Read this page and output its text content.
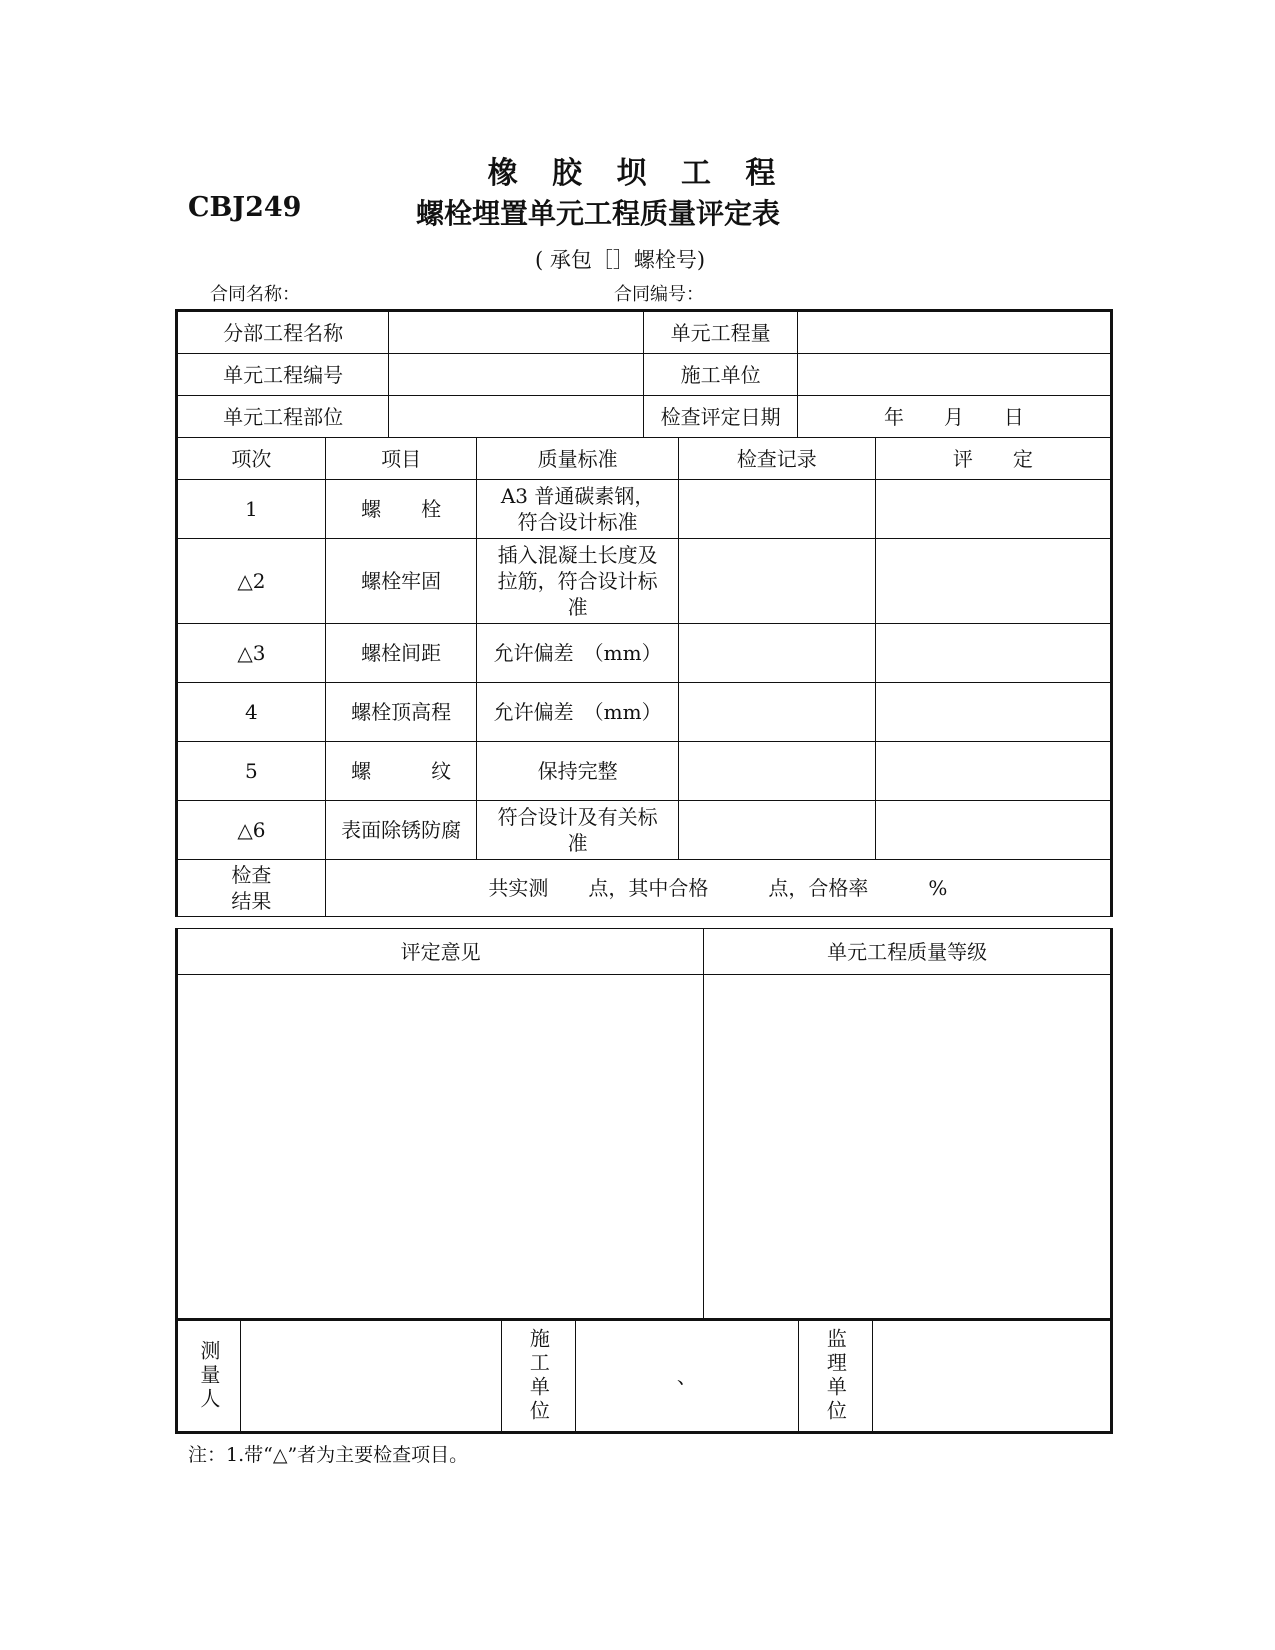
橡 胶 坝 工 程
CBJ249	螺栓埋置单元工程质量评定表
( 承包［］螺栓号)
合同名称：	合同编号：
分部工程名称		单元工程量	
单元工程编号		施工单位	
单元工程部位		检查评定日期	年　　月　　日
项次	项目	质量标准	检查记录	评　　定
1	螺　　栓	A3 普通碳素钢，符合设计标准		
△2	螺栓牢固	插入混凝土长度及拉筋，符合设计标准		
△3	螺栓间距	允许偏差　（mm）		
4	螺栓顶高程	允许偏差　（mm）		
5	螺　　　纹	保持完整		
△6	表面除锈防腐	符合设计及有关标准		
检查结果	共实测　　点，其中合格　　　点，合格率　　　%			
评定意见	单元工程质量等级

测量人		施工单位	、	监理单位

注：1.带“△”者为主要检查项目。
